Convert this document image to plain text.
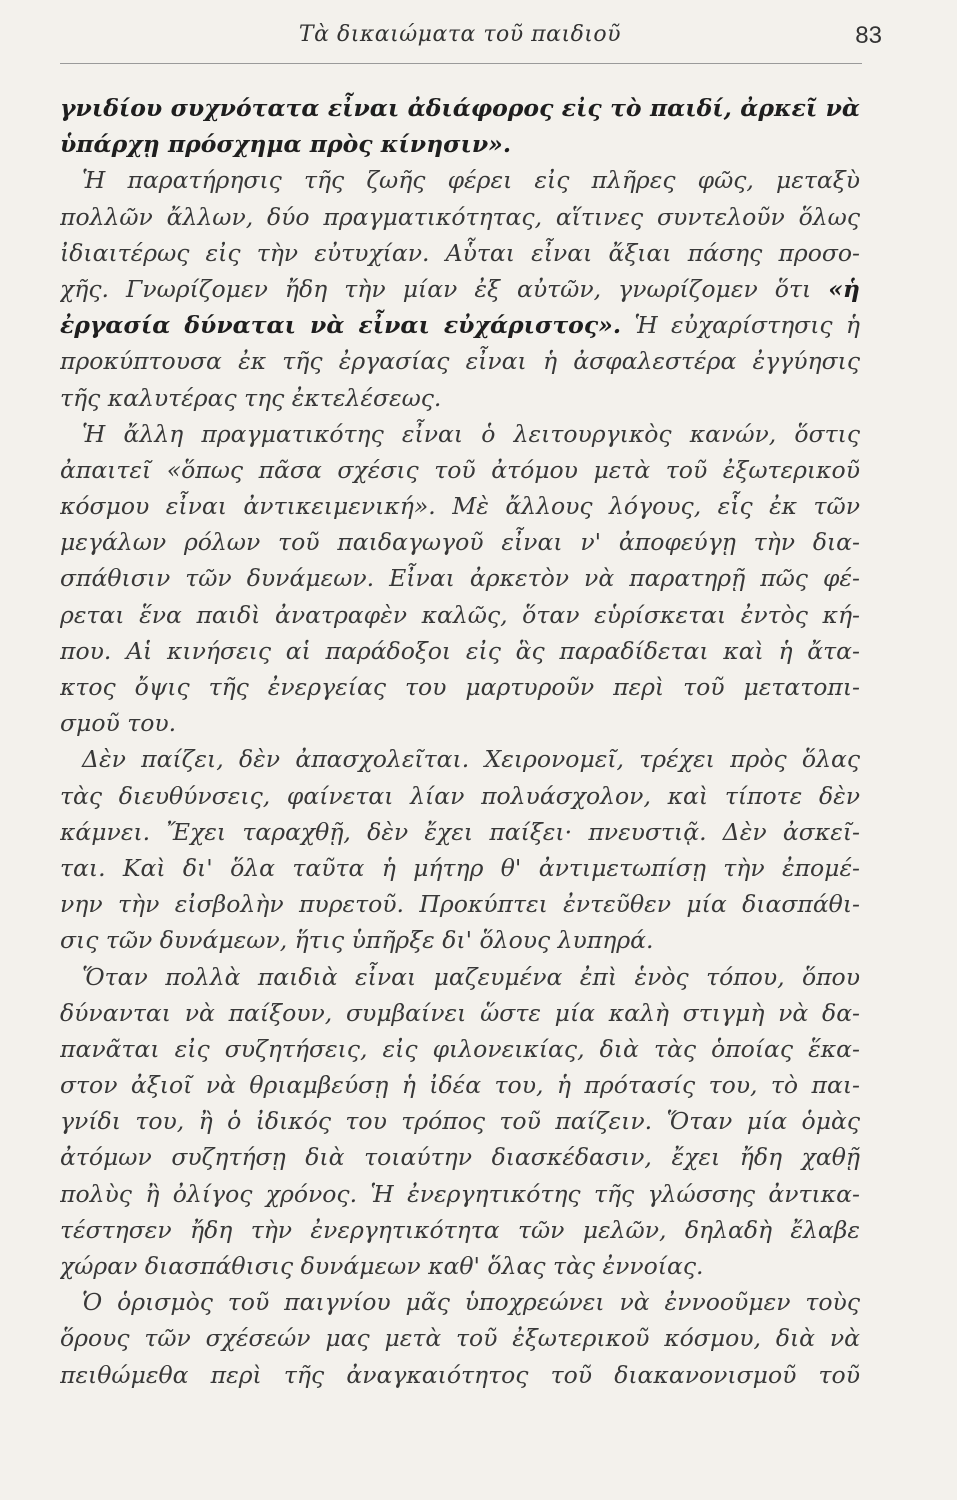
Τὰ δικαιώματα τοῦ παιδιοῦ	83
γνιδίου συχνότατα εἶναι ἀδιάφορος εἰς τὸ παιδί, ἀρκεῖ νὰ
ὑπάρχῃ πρόσχημα πρὸς κίνησιν».
Ἡ παρατήρησις τῆς ζωῆς φέρει εἰς πλῆρες φῶς, μεταξὺ
πολλῶν ἄλλων, δύο πραγματικότητας, αἵτινες συντελοῦν ὅλως
ἰδιαιτέρως εἰς τὴν εὐτυχίαν. Αὗται εἶναι ἄξιαι πάσης προσο-
χῆς. Γνωρίζομεν ἤδη τὴν μίαν ἐξ αὐτῶν, γνωρίζομεν ὅτι «ἡ
ἐργασία δύναται νὰ εἶναι εὐχάριστος». Ἡ εὐχαρίστησις ἡ
προκύπτουσα ἐκ τῆς ἐργασίας εἶναι ἡ ἀσφαλεστέρα ἐγγύησις
τῆς καλυτέρας της ἐκτελέσεως.
Ἡ ἄλλη πραγματικότης εἶναι ὁ λειτουργικὸς κανών, ὅστις
ἀπαιτεῖ «ὅπως πᾶσα σχέσις τοῦ ἀτόμου μετὰ τοῦ ἐξωτερικοῦ
κόσμου εἶναι ἀντικειμενική». Μὲ ἄλλους λόγους, εἷς ἐκ τῶν
μεγάλων ρόλων τοῦ παιδαγωγοῦ εἶναι ν' ἀποφεύγῃ τὴν δια-
σπάθισιν τῶν δυνάμεων. Εἶναι ἀρκετὸν νὰ παρατηρῇ πῶς φέ-
ρεται ἕνα παιδὶ ἀνατραφὲν καλῶς, ὅταν εὑρίσκεται ἐντὸς κή-
που. Αἱ κινήσεις αἱ παράδοξοι εἰς ἃς παραδίδεται καὶ ἡ ἄτα-
κτος ὄψις τῆς ἐνεργείας του μαρτυροῦν περὶ τοῦ μετατοπι-
σμοῦ του.
Δὲν παίζει, δὲν ἀπασχολεῖται. Χειρονομεῖ, τρέχει πρὸς ὅλας
τὰς διευθύνσεις, φαίνεται λίαν πολυάσχολον, καὶ τίποτε δὲν
κάμνει. Ἔχει ταραχθῇ, δὲν ἔχει παίξει· πνευστιᾷ. Δὲν ἀσκεῖ-
ται. Καὶ δι' ὅλα ταῦτα ἡ μήτηρ θ' ἀντιμετωπίσῃ τὴν ἐπομέ-
νην τὴν εἰσβολὴν πυρετοῦ. Προκύπτει ἐντεῦθεν μία διασπάθι-
σις τῶν δυνάμεων, ἥτις ὑπῆρξε δι' ὅλους λυπηρά.
Ὅταν πολλὰ παιδιὰ εἶναι μαζευμένα ἐπὶ ἑνὸς τόπου, ὅπου
δύνανται νὰ παίξουν, συμβαίνει ὥστε μία καλὴ στιγμὴ νὰ δα-
πανᾶται εἰς συζητήσεις, εἰς φιλονεικίας, διὰ τὰς ὁποίας ἕκα-
στον ἀξιοῖ νὰ θριαμβεύσῃ ἡ ἰδέα του, ἡ πρότασίς του, τὸ παι-
γνίδι του, ἢ ὁ ἰδικός του τρόπος τοῦ παίζειν. Ὅταν μία ὁμὰς
ἀτόμων συζητήσῃ διὰ τοιαύτην διασκέδασιν, ἔχει ἤδη χαθῇ
πολὺς ἢ ὀλίγος χρόνος. Ἡ ἐνεργητικότης τῆς γλώσσης ἀντικα-
τέστησεν ἤδη τὴν ἐνεργητικότητα τῶν μελῶν, δηλαδὴ ἔλαβε
χώραν διασπάθισις δυνάμεων καθ' ὅλας τὰς ἐννοίας.
Ὁ ὁρισμὸς τοῦ παιγνίου μᾶς ὑποχρεώνει νὰ ἐννοοῦμεν τοὺς
ὅρους τῶν σχέσεών μας μετὰ τοῦ ἐξωτερικοῦ κόσμου, διὰ νὰ
πειθώμεθα περὶ τῆς ἀναγκαιότητος τοῦ διακανονισμοῦ τοῦ
